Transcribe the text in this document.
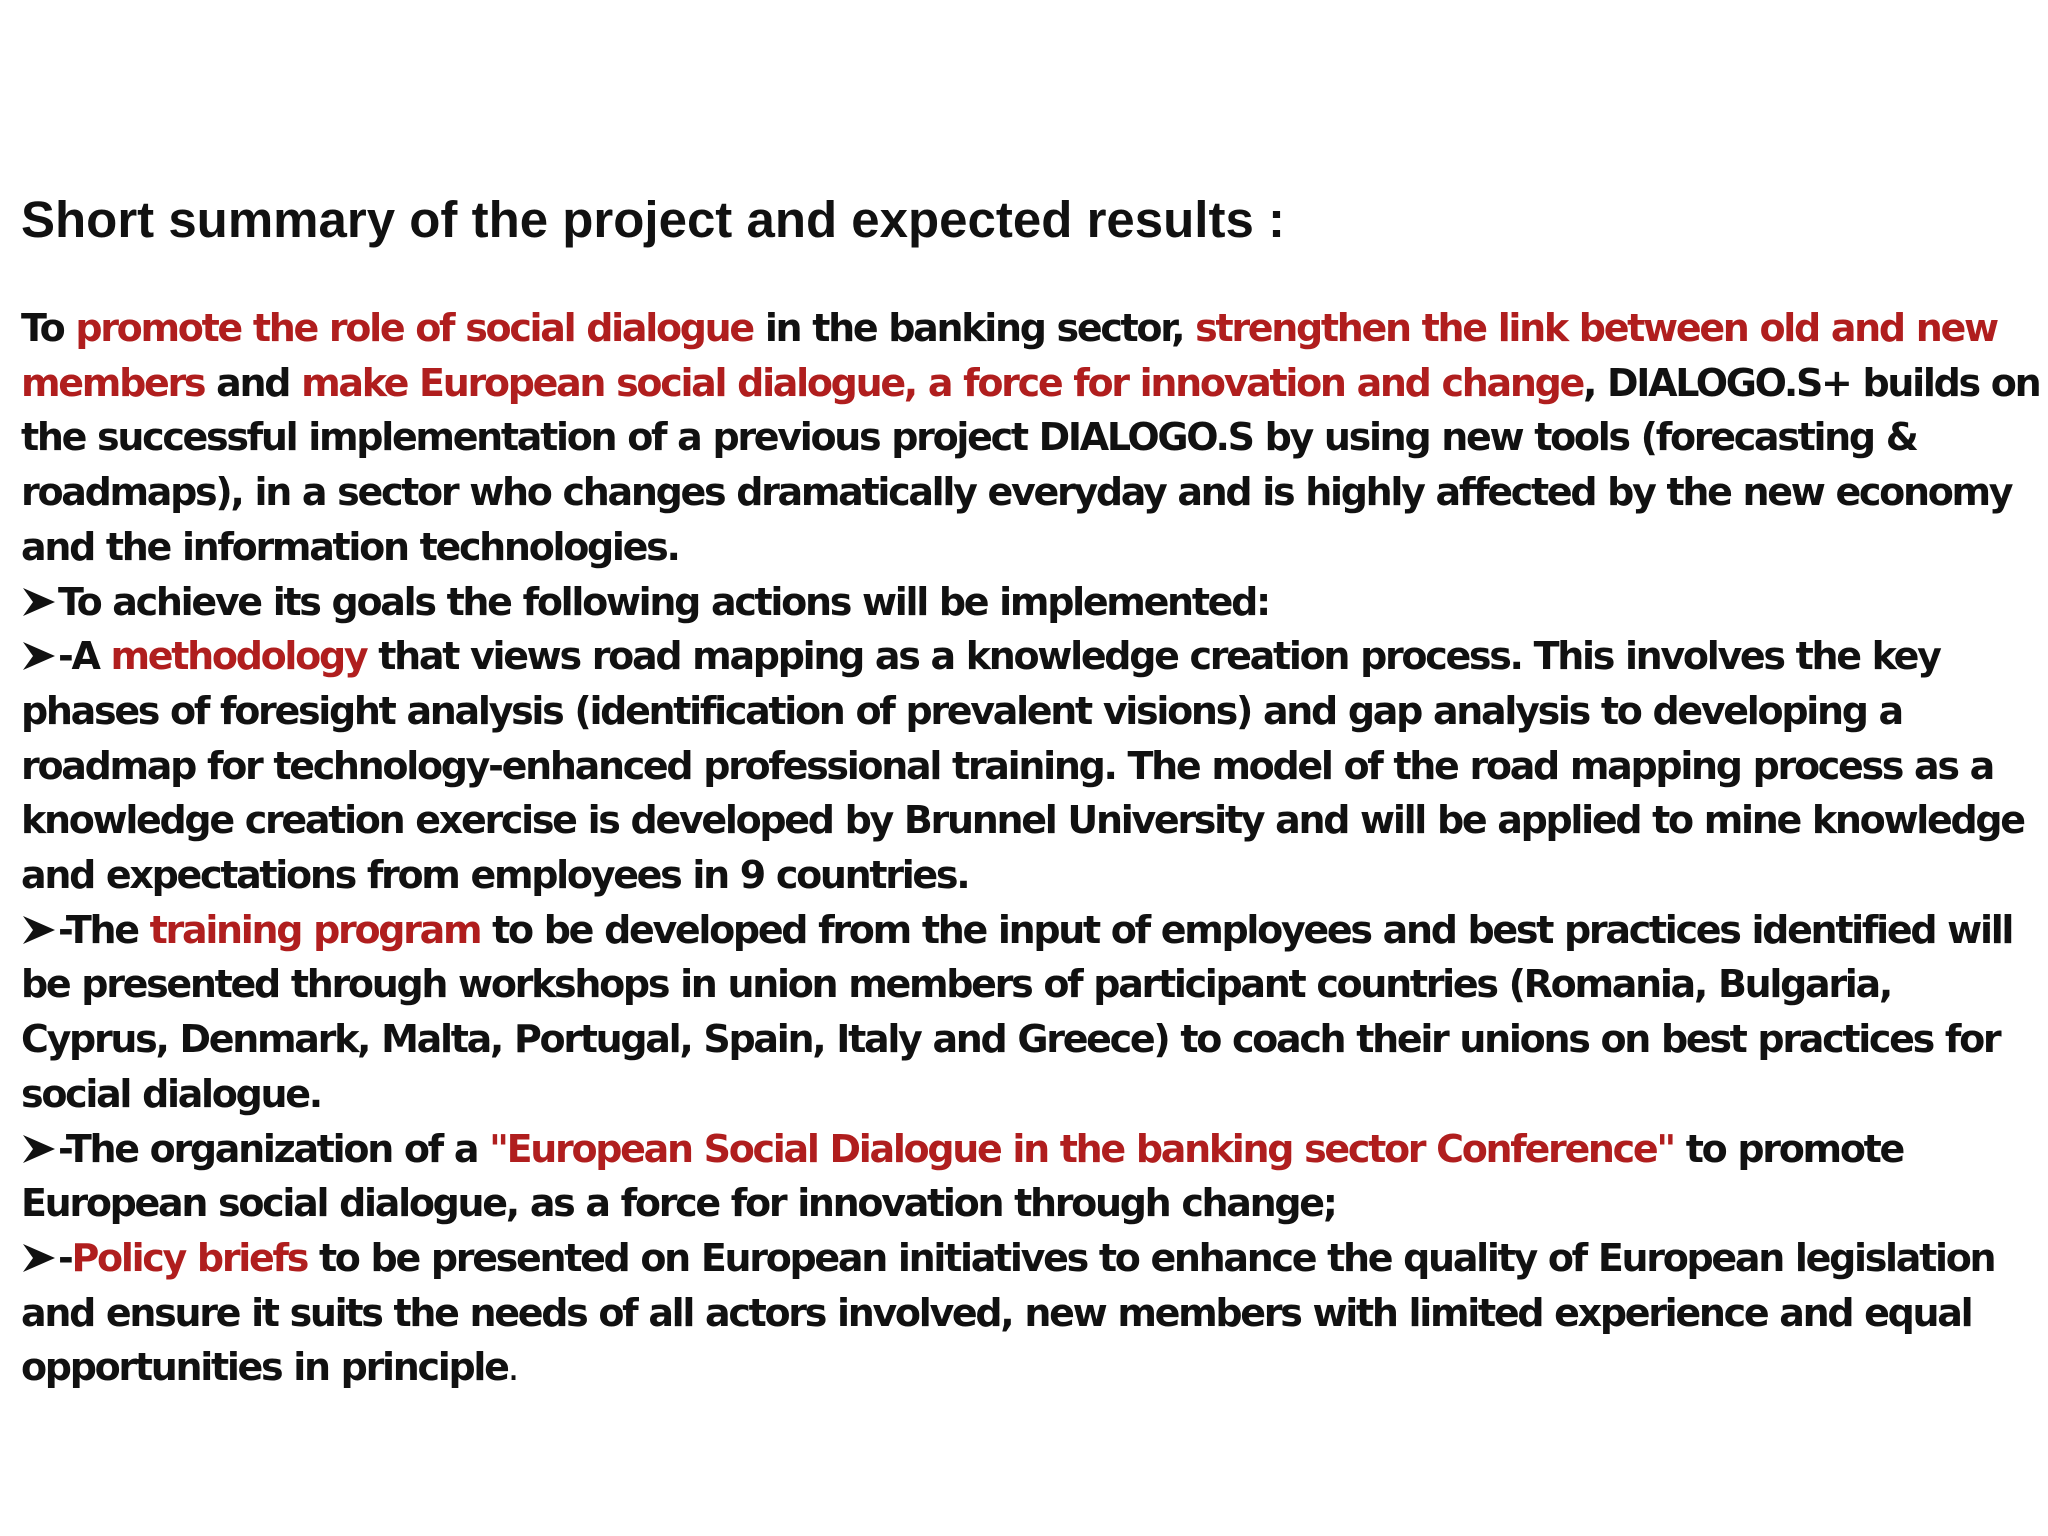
Short summary of the project and expected results :

To promote the role of social dialogue in the banking sector, strengthen the link between old and new members and make European social dialogue, a force for innovation and change, DIALOGO.S+ builds on the successful implementation of a previous project DIALOGO.S by using new tools (forecasting & roadmaps), in a sector who changes dramatically everyday and is highly affected by the new economy and the information technologies.

To achieve its goals the following actions will be implemented:

-A methodology that views road mapping as a knowledge creation process. This involves the key phases of foresight analysis (identification of prevalent visions) and gap analysis to developing a roadmap for technology-enhanced professional training. The model of the road mapping process as a knowledge creation exercise is developed by Brunnel University and will be applied to mine knowledge and expectations from employees in 9 countries.

-The training program to be developed from the input of employees and best practices identified will be presented through workshops in union members of participant countries (Romania, Bulgaria, Cyprus, Denmark, Malta, Portugal, Spain, Italy and Greece) to coach their unions on best practices for social dialogue.

-The organization of a "European Social Dialogue in the banking sector Conference" to promote European social dialogue, as a force for innovation through change;

-Policy briefs to be presented on European initiatives to enhance the quality of European legislation and ensure it suits the needs of all actors involved, new members with limited experience and equal opportunities in principle.
